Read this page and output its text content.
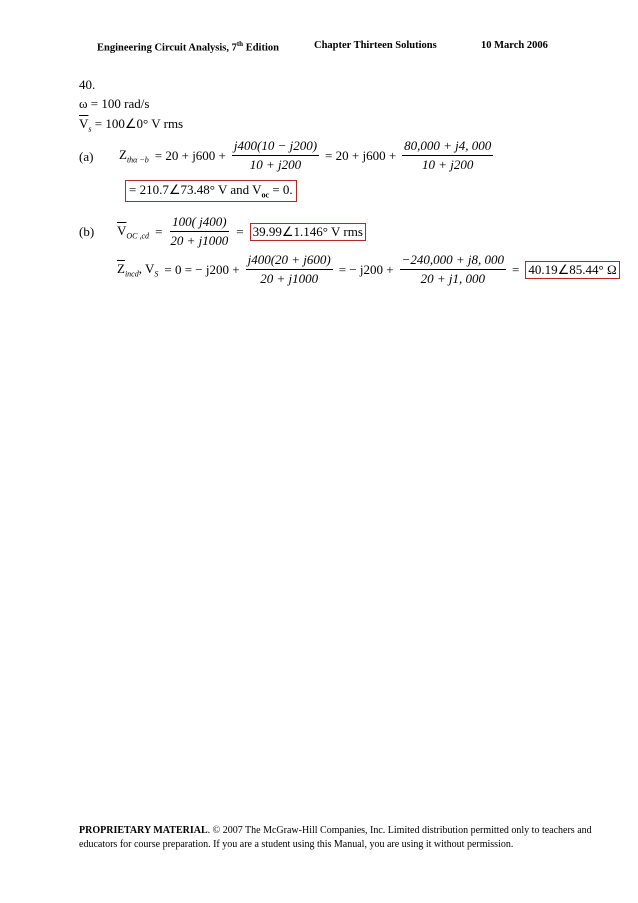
Engineering Circuit Analysis, 7th Edition	Chapter Thirteen Solutions	10 March 2006
40.
ω = 100 rad/s
$\overline{V}_s$ = 100∠0° V rms
(a) $Z_{th\alpha -b} = 20 + j600 + \frac{j400(10 - j200)}{10 + j200} = 20 + j600 + \frac{80,000 + j4, 000}{10 + j200}$
= 210.7∠73.48° V and $V_{oc} = 0$.
(b) $\overline{V}_{OC ,cd} = \frac{100( j400)}{20 + j1000}$ = 39.99∠1.146° V rms
$\overline{Z}_{incd}$, $V_S = 0$ = − $j200 + \frac{j400(20 + j600)}{20 + j1000}$ = − $j200 + \frac{-240,000 + j8, 000}{20 + j1, 000}$ = 40.19∠85.44° Ω
PROPRIETARY MATERIAL. © 2007 The McGraw-Hill Companies, Inc. Limited distribution permitted only to teachers and educators for course preparation. If you are a student using this Manual, you are using it without permission.
